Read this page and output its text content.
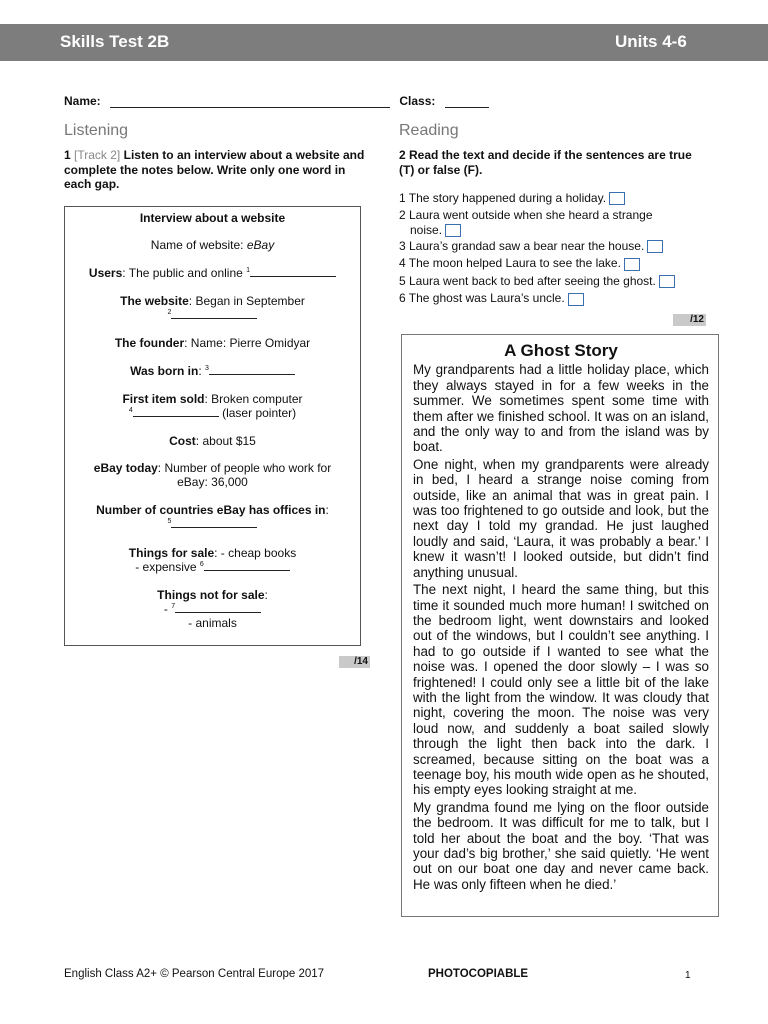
Skills Test 2B	Units 4-6
Name:	Class:
Listening
1 [Track 2] Listen to an interview about a website and complete the notes below. Write only one word in each gap.
Interview about a website
Name of website: eBay
Users: The public and online $^1$
The website: Began in September
$^2$
The founder: Name: Pierre Omidyar
Was born in: $^3$
First item sold: Broken computer
$^4$	(laser pointer)
Cost: about $15
eBay today: Number of people who work for
eBay: 36,000
Number of countries eBay has offices in:
$^5$
Things for sale: - cheap books
- expensive $^6$
Things not for sale:
- $^7$
- animals
/14
Reading
2 Read the text and decide if the sentences are true (T) or false (F).
1 The story happened during a holiday.
2 Laura went outside when she heard a strange
noise.
3 Laura’s grandad saw a bear near the house.
4 The moon helped Laura to see the lake.
5 Laura went back to bed after seeing the ghost.
6 The ghost was Laura’s uncle.
/12
A Ghost Story

My grandparents had a little holiday place, which they always stayed in for a few weeks in the summer. We sometimes spent some time with them after we finished school. It was on an island, and the only way to and from the island was by boat.

One night, when my grandparents were already in bed, I heard a strange noise coming from outside, like an animal that was in great pain. I was too frightened to go outside and look, but the next day I told my grandad. He just laughed loudly and said, ‘Laura, it was probably a bear.’ I knew it wasn’t! I looked outside, but didn’t find anything unusual.

The next night, I heard the same thing, but this time it sounded much more human! I switched on the bedroom light, went downstairs and looked out of the windows, but I couldn’t see anything. I had to go outside if I wanted to see what the noise was. I opened the door slowly – I was so frightened! I could only see a little bit of the lake with the light from the window. It was cloudy that night, covering the moon. The noise was very loud now, and suddenly a boat sailed slowly through the light then back into the dark. I screamed, because sitting on the boat was a teenage boy, his mouth wide open as he shouted, his empty eyes looking straight at me.

My grandma found me lying on the floor outside the bedroom. It was difficult for me to talk, but I told her about the boat and the boy. ‘That was your dad’s big brother,’ she said quietly. ‘He went out on our boat one day and never came back. He was only fifteen when he died.’

English Class A2+ © Pearson Central Europe 2017	PHOTOCOPIABLE	1
